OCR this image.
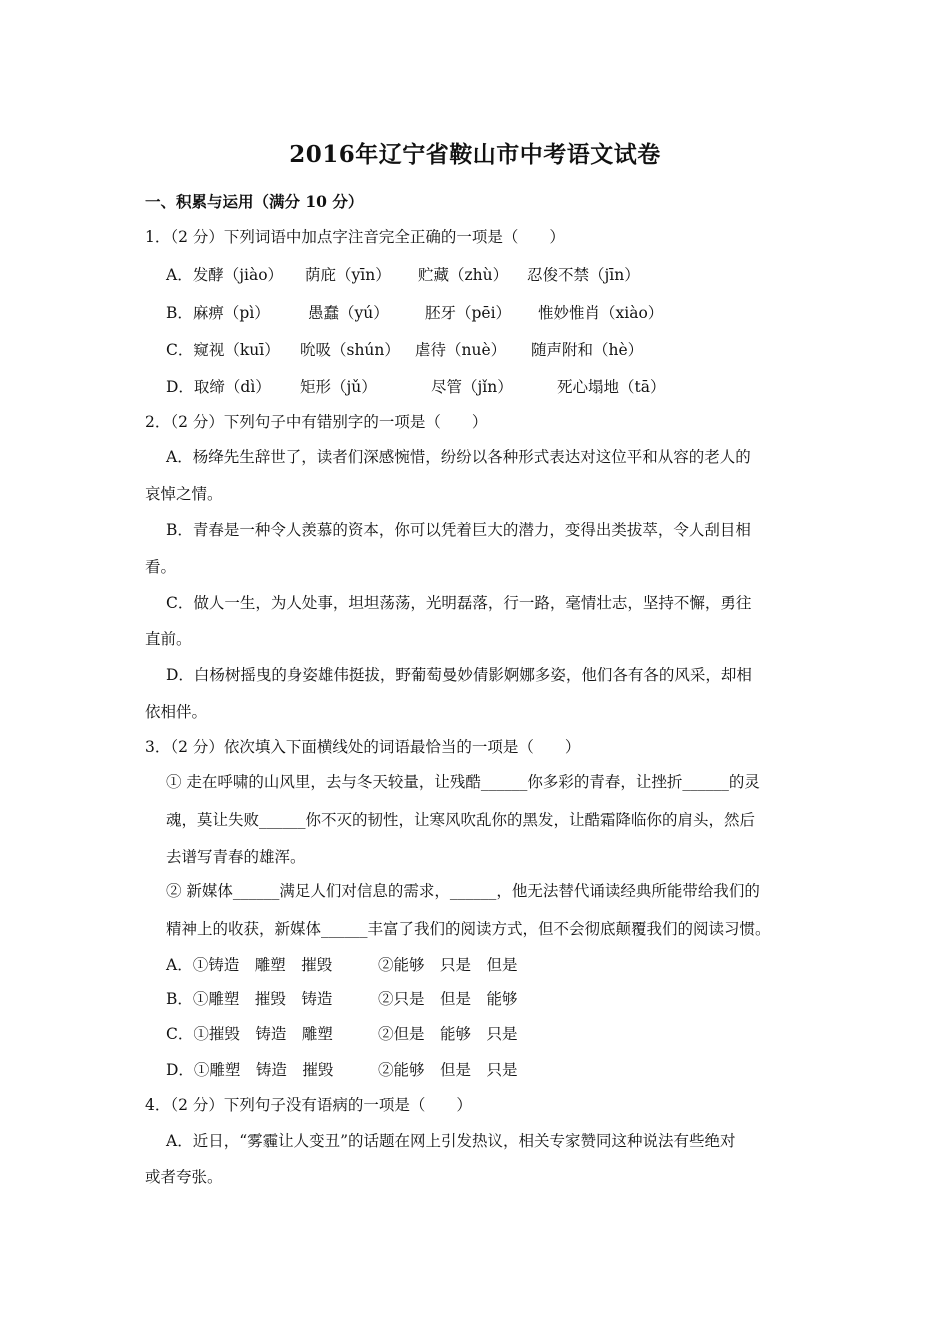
2016年辽宁省鞍山市中考语文试卷
一、积累与运用（满分 10 分）
1．（2 分）下列词语中加点字注音完全正确的一项是（　　）
A．发酵（jiào） 荫庇（yīn） 贮藏（zhù） 忍俊不禁（jīn）
B．麻痹（pì） 愚蠢（yú） 胚牙（pēi） 惟妙惟肖（xiào）
C．窥视（kuī） 吮吸（shún） 虐待（nuè） 随声附和（hè）
D．取缔（dì） 矩形（jǔ）	尽管（jǐn）	死心塌地（tā）
2．（2 分）下列句子中有错别字的一项是（　　）
A．杨绛先生辞世了，读者们深感惋惜，纷纷以各种形式表达对这位平和从容的老人的
哀悼之情。
B．青春是一种令人羡慕的资本，你可以凭着巨大的潜力，变得出类拔萃，令人刮目相
看。
C．做人一生，为人处事，坦坦荡荡，光明磊落，行一路，毫情壮志，坚持不懈，勇往
直前。
D．白杨树摇曳的身姿雄伟挺拔，野葡萄曼妙倩影婀娜多姿，他们各有各的风采，却相
依相伴。
3．（2 分）依次填入下面横线处的词语最恰当的一项是（　　）
① 走在呼啸的山风里，去与冬天较量，让残酷______你多彩的青春，让挫折______的灵
魂，莫让失败______你不灭的韧性，让寒风吹乱你的黑发，让酷霜降临你的肩头，然后
去谱写青春的雄浑。
② 新媒体______满足人们对信息的需求，______，他无法替代诵读经典所能带给我们的
精神上的收获，新媒体______丰富了我们的阅读方式，但不会彻底颠覆我们的阅读习惯。
A．①铸造　雕塑　摧毁	②能够　只是　但是
B．①雕塑　摧毁　铸造	②只是　但是　能够
C．①摧毁　铸造　雕塑	②但是　能够　只是
D．①雕塑　铸造　摧毁	②能够　但是　只是
4．（2 分）下列句子没有语病的一项是（　　）
A．近日，“雾霾让人变丑”的话题在网上引发热议，相关专家赞同这种说法有些绝对
或者夸张。
